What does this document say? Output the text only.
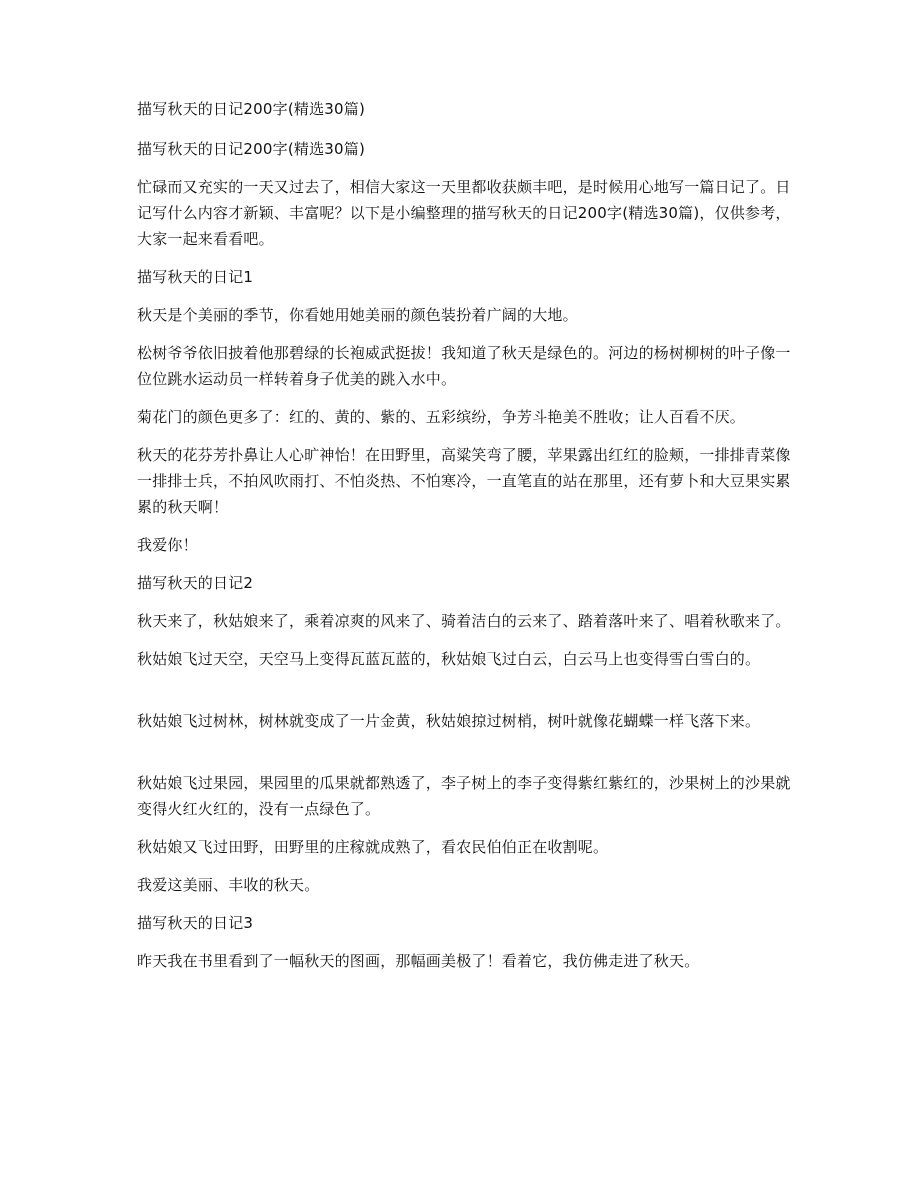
描写秋天的日记200字(精选30篇)

描写秋天的日记200字(精选30篇)

忙碌而又充实的一天又过去了，相信大家这一天里都收获颇丰吧，是时候用心地写一篇日记了。日记写什么内容才新颖、丰富呢？以下是小编整理的描写秋天的日记200字(精选30篇)，仅供参考，大家一起来看看吧。

描写秋天的日记1

秋天是个美丽的季节，你看她用她美丽的颜色装扮着广阔的大地。

松树爷爷依旧披着他那碧绿的长袍威武挺拔！我知道了秋天是绿色的。河边的杨树柳树的叶子像一位位跳水运动员一样转着身子优美的跳入水中。

菊花门的颜色更多了：红的、黄的、紫的、五彩缤纷，争芳斗艳美不胜收；让人百看不厌。

秋天的花芬芳扑鼻让人心旷神怡！在田野里，高粱笑弯了腰，苹果露出红红的脸颊，一排排青菜像一排排士兵，不拍风吹雨打、不怕炎热、不怕寒冷，一直笔直的站在那里，还有萝卜和大豆果实累累的秋天啊！

我爱你！

描写秋天的日记2

秋天来了，秋姑娘来了，乘着凉爽的风来了、骑着洁白的云来了、踏着落叶来了、唱着秋歌来了。

秋姑娘飞过天空，天空马上变得瓦蓝瓦蓝的，秋姑娘飞过白云，白云马上也变得雪白雪白的。

秋姑娘飞过树林，树林就变成了一片金黄，秋姑娘掠过树梢，树叶就像花蝴蝶一样飞落下来。

秋姑娘飞过果园，果园里的瓜果就都熟透了，李子树上的李子变得紫红紫红的，沙果树上的沙果就变得火红火红的，没有一点绿色了。

秋姑娘又飞过田野，田野里的庄稼就成熟了，看农民伯伯正在收割呢。

我爱这美丽、丰收的秋天。

描写秋天的日记3

昨天我在书里看到了一幅秋天的图画，那幅画美极了！看着它，我仿佛走进了秋天。
